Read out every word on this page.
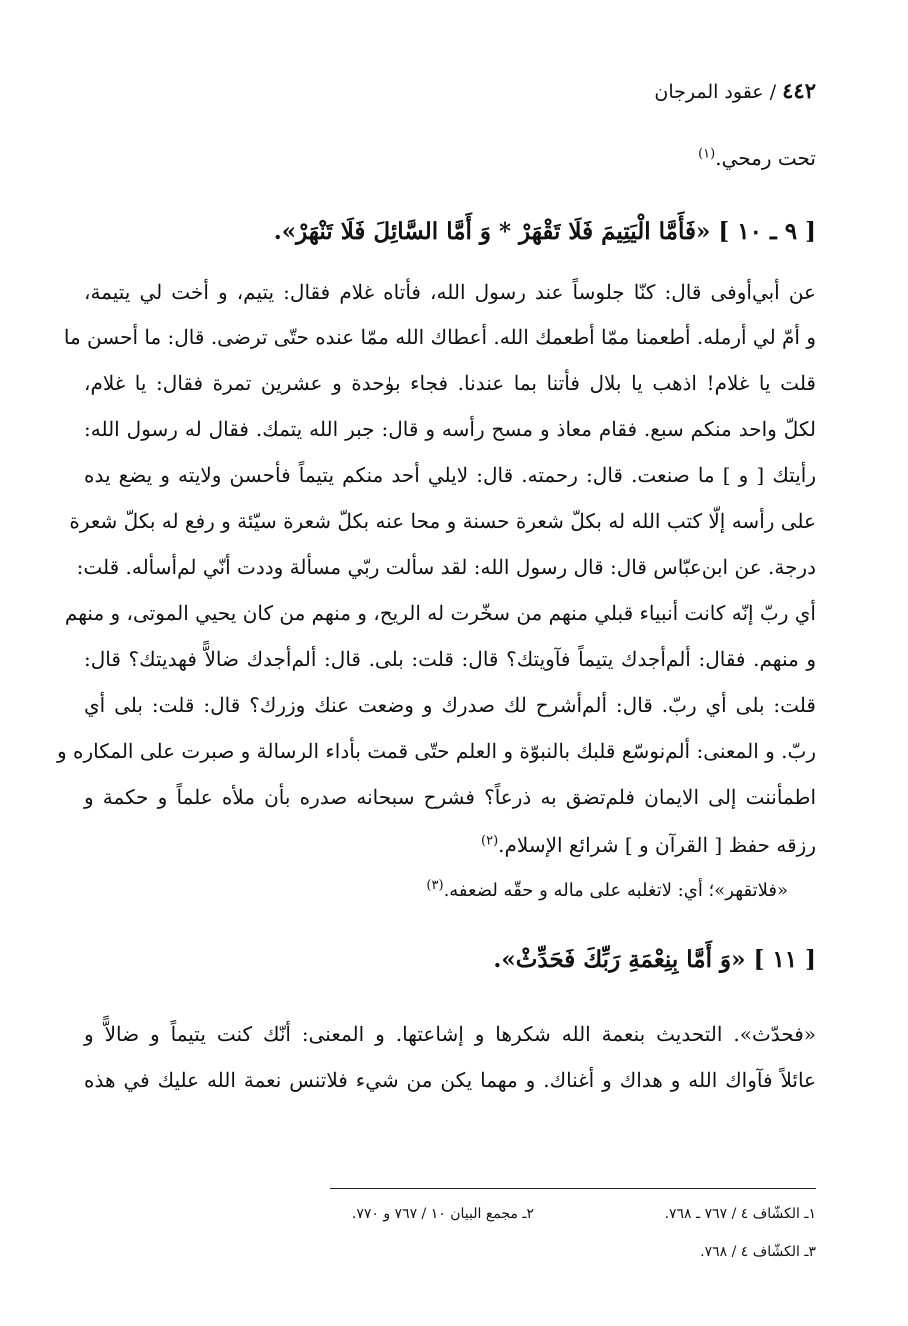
٤٤٢ / عقود المرجان
تحت رمحي.$^{(١)}$
[ ٩ ـ ١٠ ] «فَأَمَّا الْيَتِيمَ فَلَا تَقْهَرْ * وَ أَمَّا السَّائِلَ فَلَا تَنْهَرْ».
عن أبي‌أوفى قال: كنّا جلوساً عند رسول الله، فأتاه غلام فقال: يتيم، و أخت لي يتيمة،
و أمّ لي أرمله. أطعمنا ممّا أطعمك الله. أعطاك الله ممّا عنده حتّى ترضى. قال: ما أحسن ما
قلت يا غلام! اذهب يا بلال فأتنا بما عندنا. فجاء بوٰحدة و عشرين تمرة فقال: يا غلام،
لكلّ واحد منكم سبع. فقام معاذ و مسح رأسه و قال: جبر الله يتمك. فقال له رسول الله:
رأيتك [ و ] ما صنعت. قال: رحمته. قال: لايلي أحد منكم يتيماً فأحسن ولايته و يضع يده
على رأسه إلّا كتب الله له بكلّ شعرة حسنة و محا عنه بكلّ شعرة سيّئة و رفع له بكلّ شعرة
درجة. عن ابن‌عبّاس قال: قال رسول الله: لقد سألت ربّي مسألة وددت أنّي لم‌أسأله. قلت:
أي ربّ إنّه كانت أنبياء قبلي منهم من سخّرت له الريح، و منهم من كان يحيي الموتى، و منهم
و منهم. فقال: ألم‌أجدك يتيماً فآويتك؟ قال: قلت: بلى. قال: ألم‌أجدك ضالاًّ فهديتك؟ قال:
قلت: بلى أي ربّ. قال: ألم‌أشرح لك صدرك و وضعت عنك وزرك؟ قال: قلت: بلى أي
ربّ. و المعنى: ألم‌نوسّع قلبك بالنبوّة و العلم حتّى قمت بأداء الرسالة و صبرت على المكاره و
اطمأننت إلى الايمان فلم‌تضق به ذرعاً؟ فشرح سبحانه صدره بأن ملأه علماً و حكمة و
رزقه حفظ [ القرآن و ] شرائع الإسلام.$^{(٢)}$
«فلاتقهر»؛ أي: لاتغلبه على ماله و حقّه لضعفه.$^{(٣)}$
[ ١١ ] «وَ أَمَّا بِنِعْمَةِ رَبِّكَ فَحَدِّثْ».
«فحدّث». التحديث بنعمة الله شكرها و إشاعتها. و المعنى: أنّك كنت يتيماً و ضالاًّ و
عائلاً فآواك الله و هداك و أغناك. و مهما يكن من شيء فلاتنس نعمة الله عليك في هذه
١ـ الكشّاف ٤ / ٧٦٧ ـ ٧٦٨.
٢ـ مجمع البيان ١٠ / ٧٦٧ و ٧٧٠.
٣ـ الكشّاف ٤ / ٧٦٨.
